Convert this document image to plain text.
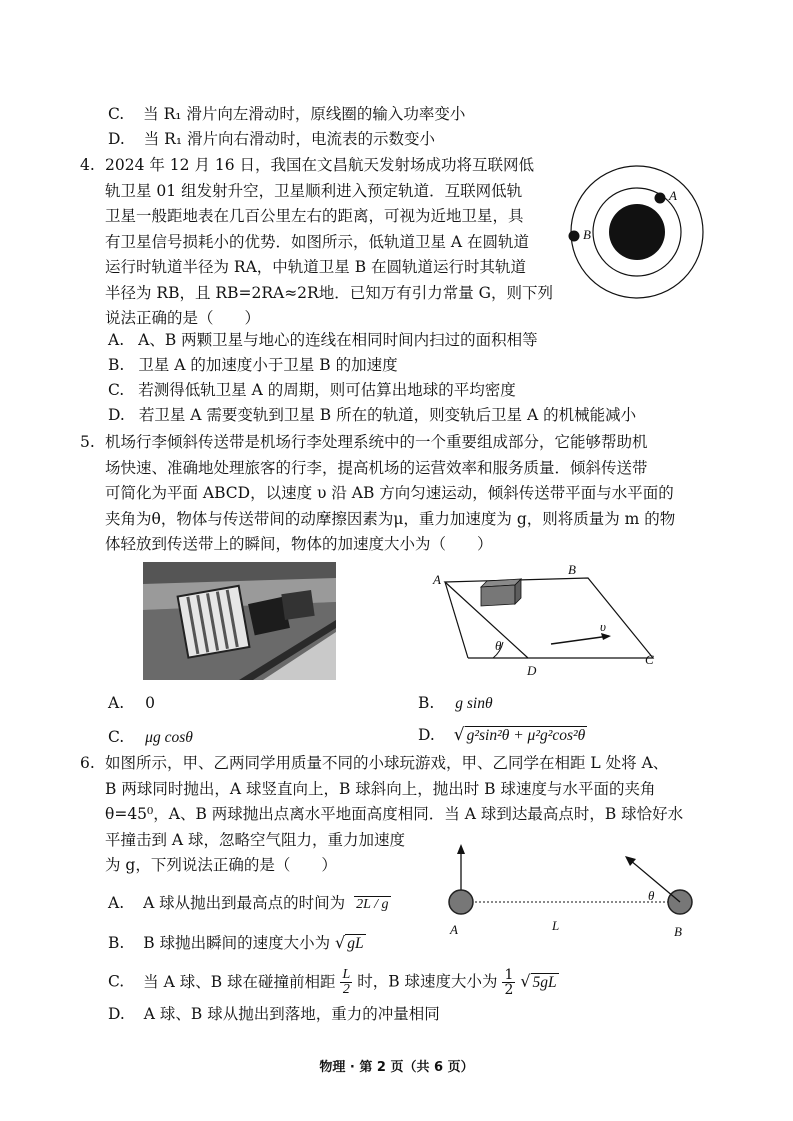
C. 当 R₁ 滑片向左滑动时，原线圈的输入功率变小
D. 当 R₁ 滑片向右滑动时，电流表的示数变小
4. 2024 年 12 月 16 日，我国在文昌航天发射场成功将互联网低
轨卫星 01 组发射升空，卫星顺利进入预定轨道．互联网低轨
卫星一般距地表在几百公里左右的距离，可视为近地卫星，具
有卫星信号损耗小的优势．如图所示，低轨道卫星 A 在圆轨道
运行时轨道半径为 RA，中轨道卫星 B 在圆轨道运行时其轨道
半径为 RB，且 RB=2RA≈2R地．已知万有引力常量 G，则下列
说法正确的是（　　）
A. A、B 两颗卫星与地心的连线在相同时间内扫过的面积相等
B. 卫星 A 的加速度小于卫星 B 的加速度
C. 若测得低轨卫星 A 的周期，则可估算出地球的平均密度
D. 若卫星 A 需要变轨到卫星 B 所在的轨道，则变轨后卫星 A 的机械能减小
A
B
5. 机场行李倾斜传送带是机场行李处理系统中的一个重要组成部分，它能够帮助机
场快速、准确地处理旅客的行李，提高机场的运营效率和服务质量．倾斜传送带
可简化为平面 ABCD，以速度 υ 沿 AB 方向匀速运动，倾斜传送带平面与水平面的
夹角为θ，物体与传送带间的动摩擦因素为μ，重力加速度为 g，则将质量为 m 的物
体轻放到传送带上的瞬间，物体的加速度大小为（　　）
A
B
C
D
υ
θ
A. 0	B. g sinθ
C. μg cosθ	D. √ g²sin²θ + μ²g²cos²θ
6. 如图所示，甲、乙两同学用质量不同的小球玩游戏，甲、乙同学在相距 L 处将 A、
B 两球同时抛出，A 球竖直向上，B 球斜向上，抛出时 B 球速度与水平面的夹角
θ=45⁰，A、B 两球抛出点离水平地面高度相同．当 A 球到达最高点时，B 球恰好水
平撞击到 A 球，忽略空气阻力，重力加速度
为 g，下列说法正确的是（　　）
A	L	B
θ
A. A 球从抛出到最高点的时间为 2L / g
B. B 球抛出瞬间的速度大小为 √ gL
C. 当 A 球、B 球在碰撞前相距 $\frac{L}{2}$ 时，B 球速度大小为 $\frac{1}{2}$ √ 5gL
D. A 球、B 球从抛出到落地，重力的冲量相同
物理 · 第 2 页（共 6 页）
